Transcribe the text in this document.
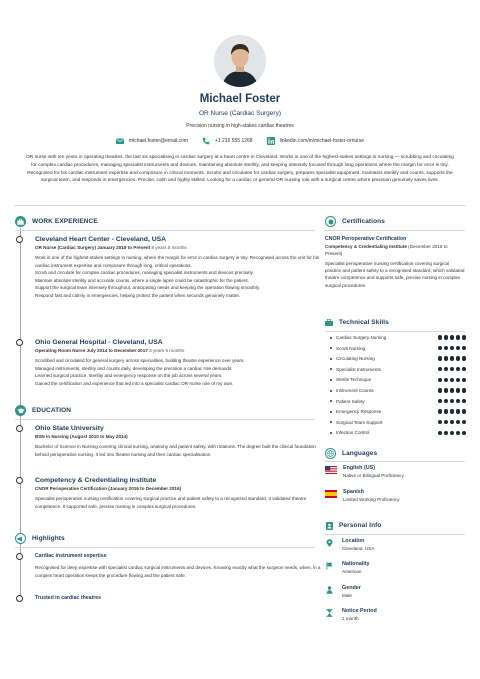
Michael Foster
OR Nurse (Cardiac Surgery)
Precision nursing in high-stakes cardiac theatres
michael.foster@email.com	+1 216 555 1268	linkedin.com/in/michael-foster-ornurse
OR nurse with ten years in operating theatres, the last six specialising in cardiac surgery at a heart centre in Cleveland. Works in one of the highest-stakes settings in nursing — scrubbing and circulating for complex cardiac procedures, managing specialist instruments and devices, maintaining absolute sterility, and keeping intensely focused through long operations where the margin for error is tiny. Recognised for his cardiac instrument expertise and composure in critical moments. Scrubs and circulates for cardiac surgery, prepares specialist equipment, maintains sterility and counts, supports the surgical team, and responds in emergencies. Precise, calm and highly skilled. Looking for a cardiac or general OR nursing role with a surgical centre where precision genuinely saves lives.
WORK EXPERIENCE
Cleveland Heart Center - Cleveland, USA
OR Nurse (Cardiac Surgery) January 2018 to Present 8 years 5 months
Work in one of the highest-stakes settings in nursing, where the margin for error in cardiac surgery is tiny. Recognised across the unit for his cardiac instrument expertise and composure through long, critical operations.
Scrub and circulate for complex cardiac procedures, managing specialist instruments and devices precisely.
Maintain absolute sterility and accurate counts, where a single lapse could be catastrophic for the patient.
Support the surgical team intensely throughout, anticipating needs and keeping the operation flowing smoothly.
Respond fast and calmly in emergencies, helping protect the patient when seconds genuinely matter.
Ohio General Hospital - Cleveland, USA
Operating Room Nurse July 2014 to December 2017 3 years 6 months
Scrubbed and circulated for general surgery across specialities, building theatre experience over years.
Managed instruments, sterility and counts daily, developing the precision a cardiac role demands.
Learned surgical practice, sterility and emergency response on the job across several years.
Gained the certification and experience that led into a specialist cardiac OR-nurse role of my own.
EDUCATION
Ohio State University
BSN in Nursing (August 2010 to May 2014)
Bachelor of Science in Nursing covering clinical nursing, anatomy and patient safety, with rotations. The degree built the clinical foundation behind perioperative nursing. It led into theatre nursing and then cardiac specialisation.
Competency & Credentialing Institute
CNOR Perioperative Certification (January 2016 to December 2016)
Specialist perioperative nursing certification covering surgical practice and patient safety to a recognised standard. It validated theatre competence. It supported safe, precise nursing in complex surgical procedures.
Highlights
Cardiac instrument expertise
Recognised for deep expertise with specialist cardiac surgical instruments and devices. Knowing exactly what the surgeon needs, when, in a complex heart operation keeps the procedure flowing and the patient safe.
Trusted in cardiac theatres
Certifications
CNOR Perioperative Certification
Competency & Credentialing Institute (December 2016 to Present)
Specialist perioperative nursing certification covering surgical practice and patient safety to a recognised standard, which validated theatre competence and supports safe, precise nursing in complex surgical procedures.
Technical Skills
Cardiac Surgery Nursing
Scrub Nursing
Circulating Nursing
Specialist Instruments
Sterile Technique
Instrument Counts
Patient Safety
Emergency Response
Surgical Team Support
Infection Control
Languages
English (US)
Native or Bilingual Proficiency
Spanish
Limited Working Proficiency
Personal Info
Location
Cleveland, USA
Nationality
American
Gender
Male
Notice Period
1 month
